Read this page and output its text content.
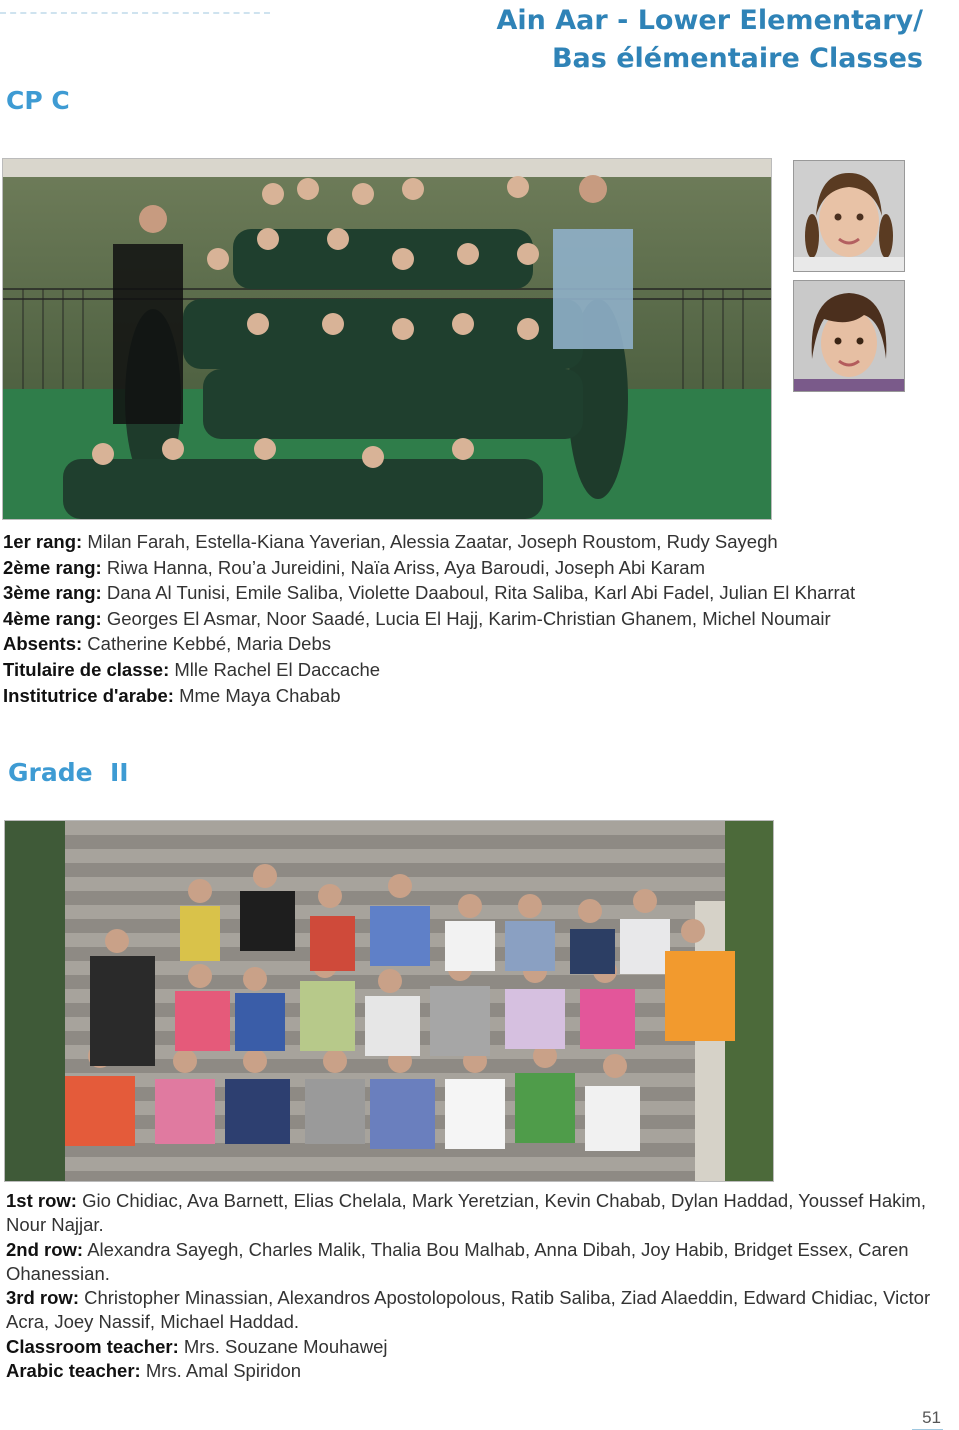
Ain Aar - Lower Elementary/
Bas élémentaire Classes
CP C
1er rang: Milan Farah, Estella-Kiana Yaverian, Alessia Zaatar, Joseph Roustom, Rudy Sayegh
2ème rang: Riwa Hanna, Rou’a Jureidini, Naïa Ariss, Aya Baroudi, Joseph Abi Karam
3ème rang: Dana Al Tunisi, Emile Saliba, Violette Daaboul, Rita Saliba, Karl Abi Fadel, Julian El Kharrat
4ème rang: Georges El Asmar, Noor Saadé, Lucia El Hajj, Karim-Christian Ghanem, Michel Noumair
Absents: Catherine Kebbé, Maria Debs
Titulaire de classe: Mlle Rachel El Daccache
Institutrice d'arabe: Mme Maya Chabab
Grade  II
1st row: Gio Chidiac, Ava Barnett, Elias Chelala, Mark Yeretzian, Kevin Chabab, Dylan Haddad, Youssef Hakim, Nour Najjar.
2nd row: Alexandra Sayegh, Charles Malik, Thalia Bou Malhab, Anna Dibah, Joy Habib, Bridget Essex, Caren Ohanessian.
3rd row: Christopher Minassian, Alexandros Apostolopolous, Ratib Saliba, Ziad Alaeddin, Edward Chidiac, Victor Acra, Joey Nassif, Michael Haddad.
Classroom teacher: Mrs. Souzane Mouhawej
Arabic teacher: Mrs. Amal Spiridon
51
